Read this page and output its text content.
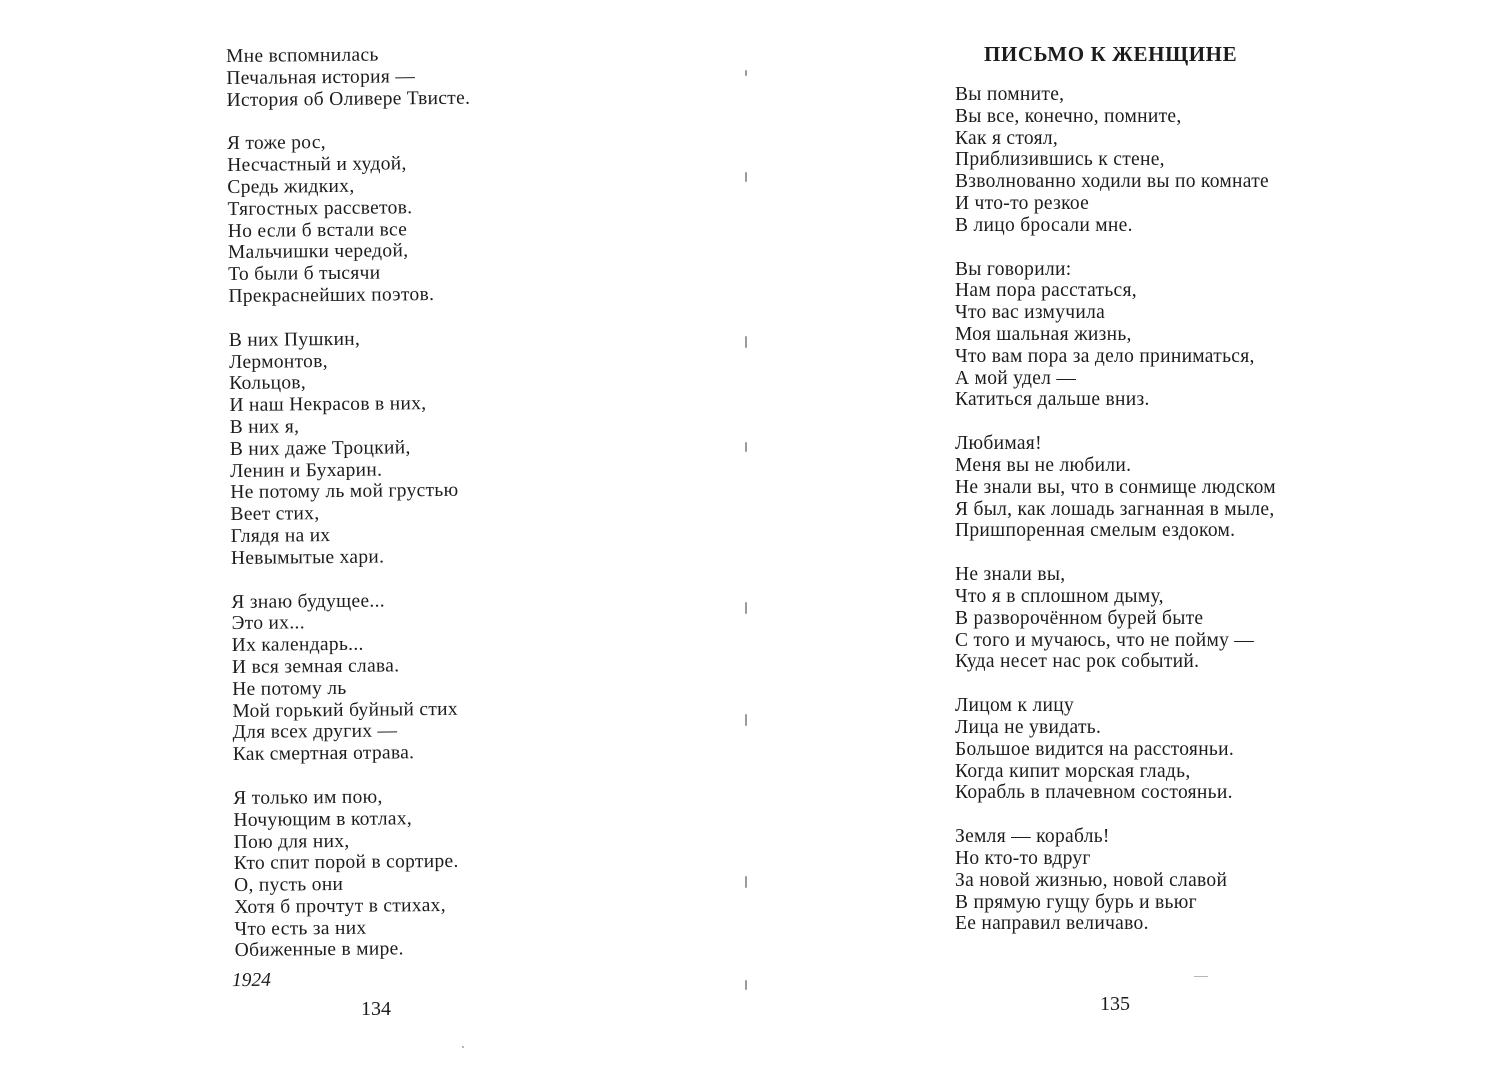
Мне вспомнилась
Печальная история —
История об Оливере Твисте.
Я тоже рос,
Несчастный и худой,
Средь жидких,
Тягостных рассветов.
Но если б встали все
Мальчишки чередой,
То были б тысячи
Прекраснейших поэтов.
В них Пушкин,
Лермонтов,
Кольцов,
И наш Некрасов в них,
В них я,
В них даже Троцкий,
Ленин и Бухарин.
Не потому ль мой грустью
Веет стих,
Глядя на их
Невымытые хари.
Я знаю будущее...
Это их...
Их календарь...
И вся земная слава.
Не потому ль
Мой горький буйный стих
Для всех других —
Как смертная отрава.
Я только им пою,
Ночующим в котлах,
Пою для них,
Кто спит порой в сортире.
О, пусть они
Хотя б прочтут в стихах,
Что есть за них
Обиженные в мире.
1924
134
ПИСЬМО К ЖЕНЩИНЕ
Вы помните,
Вы все, конечно, помните,
Как я стоял,
Приблизившись к стене,
Взволнованно ходили вы по комнате
И что-то резкое
В лицо бросали мне.
Вы говорили:
Нам пора расстаться,
Что вас измучила
Моя шальная жизнь,
Что вам пора за дело приниматься,
А мой удел —
Катиться дальше вниз.
Любимая!
Меня вы не любили.
Не знали вы, что в сонмище людском
Я был, как лошадь загнанная в мыле,
Пришпоренная смелым ездоком.
Не знали вы,
Что я в сплошном дыму,
В разворочённом бурей быте
С того и мучаюсь, что не пойму —
Куда несет нас рок событий.
Лицом к лицу
Лица не увидать.
Большое видится на расстояньи.
Когда кипит морская гладь,
Корабль в плачевном состояньи.
Земля — корабль!
Но кто-то вдруг
За новой жизнью, новой славой
В прямую гущу бурь и вьюг
Ее направил величаво.
135
